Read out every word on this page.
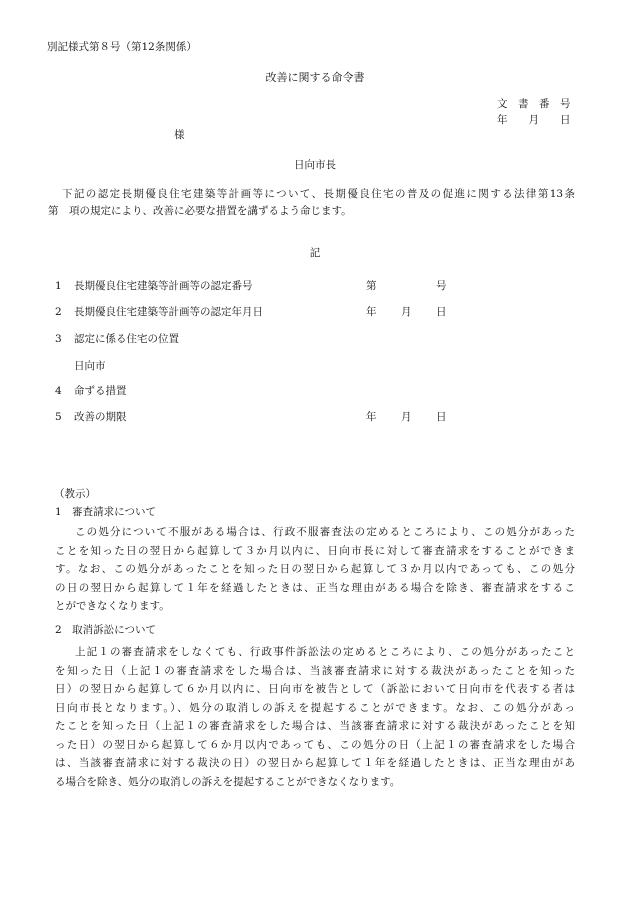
別記様式第８号（第12条関係）
改善に関する命令書
文　書　番　号
年　　月　　日
様
日向市長
下記の認定長期優良住宅建築等計画等について、長期優良住宅の普及の促進に関する法律第13条
第　項の規定により、改善に必要な措置を講ずるよう命じます。
記
1 長期優良住宅建築等計画等の認定番号	第	号
2 長期優良住宅建築等計画等の認定年月日	年 月 日
3 認定に係る住宅の位置
日向市
4 命ずる措置
5 改善の期限	年 月 日
（教示）
1　審査請求について
この処分について不服がある場合は、行政不服審査法の定めるところにより、この処分があった
ことを知った日の翌日から起算して３か月以内に、日向市長に対して審査請求をすることができま
す。なお、この処分があったことを知った日の翌日から起算して３か月以内であっても、この処分
の日の翌日から起算して１年を経過したときは、正当な理由がある場合を除き、審査請求をするこ
とができなくなります。
2　取消訴訟について
上記１の審査請求をしなくても、行政事件訴訟法の定めるところにより、この処分があったこと
を知った日（上記１の審査請求をした場合は、当該審査請求に対する裁決があったことを知った
日）の翌日から起算して６か月以内に、日向市を被告として（訴訟において日向市を代表する者は
日向市長となります。）、処分の取消しの訴えを提起することができます。なお、この処分があっ
たことを知った日（上記１の審査請求をした場合は、当該審査請求に対する裁決があったことを知
った日）の翌日から起算して６か月以内であっても、この処分の日（上記１の審査請求をした場合
は、当該審査請求に対する裁決の日）の翌日から起算して１年を経過したときは、正当な理由があ
る場合を除き、処分の取消しの訴えを提起することができなくなります。
